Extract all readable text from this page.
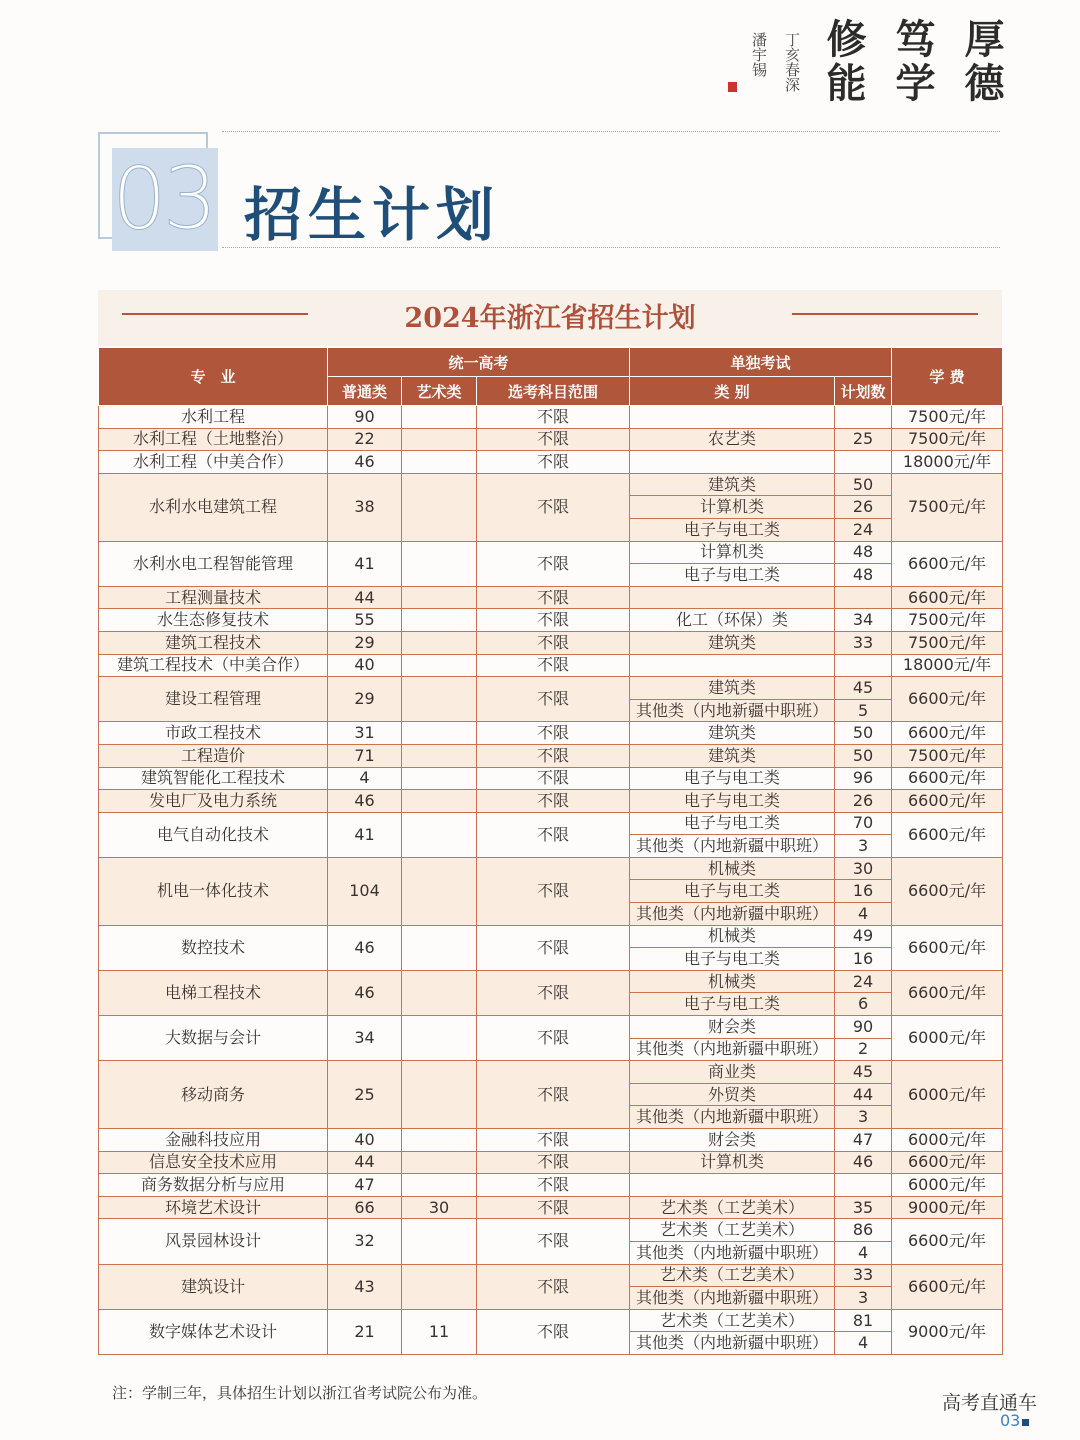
厚德
笃学
修能
丁亥春深
潘宇锡
03 招生计划
2024年浙江省招生计划
专　业	统一高考			单独考试		学 费
	普通类	艺术类	选考科目范围	类 别	计划数	
水利工程	90		不限			7500元/年
水利工程（土地整治）	22		不限	农艺类	25	7500元/年
水利工程（中美合作）	46		不限			18000元/年
水利水电建筑工程	38		不限	建筑类	50	7500元/年
				计算机类	26	
				电子与电工类	24	
水利水电工程智能管理	41		不限	计算机类	48	6600元/年
				电子与电工类	48	
工程测量技术	44		不限			6600元/年
水生态修复技术	55		不限	化工（环保）类	34	7500元/年
建筑工程技术	29		不限	建筑类	33	7500元/年
建筑工程技术（中美合作）	40		不限			18000元/年
建设工程管理	29		不限	建筑类	45	6600元/年
				其他类（内地新疆中职班）	5	
市政工程技术	31		不限	建筑类	50	6600元/年
工程造价	71		不限	建筑类	50	7500元/年
建筑智能化工程技术	4		不限	电子与电工类	96	6600元/年
发电厂及电力系统	46		不限	电子与电工类	26	6600元/年
电气自动化技术	41		不限	电子与电工类	70	6600元/年
				其他类（内地新疆中职班）	3	
机电一体化技术	104		不限	机械类	30	6600元/年
				电子与电工类	16	
				其他类（内地新疆中职班）	4	
数控技术	46		不限	机械类	49	6600元/年
				电子与电工类	16	
电梯工程技术	46		不限	机械类	24	6600元/年
				电子与电工类	6	
大数据与会计	34		不限	财会类	90	6000元/年
				其他类（内地新疆中职班）	2	
移动商务	25		不限	商业类	45	6000元/年
				外贸类	44	
				其他类（内地新疆中职班）	3	
金融科技应用	40		不限	财会类	47	6000元/年
信息安全技术应用	44		不限	计算机类	46	6600元/年
商务数据分析与应用	47		不限			6000元/年
环境艺术设计	66	30	不限	艺术类（工艺美术）	35	9000元/年
风景园林设计	32		不限	艺术类（工艺美术）	86	6600元/年
				其他类（内地新疆中职班）	4	
建筑设计	43		不限	艺术类（工艺美术）	33	6600元/年
				其他类（内地新疆中职班）	3	
数字媒体艺术设计	21	11	不限	艺术类（工艺美术）	81	9000元/年
				其他类（内地新疆中职班）	4	
注：学制三年，具体招生计划以浙江省考试院公布为准。	高考直通车
03
